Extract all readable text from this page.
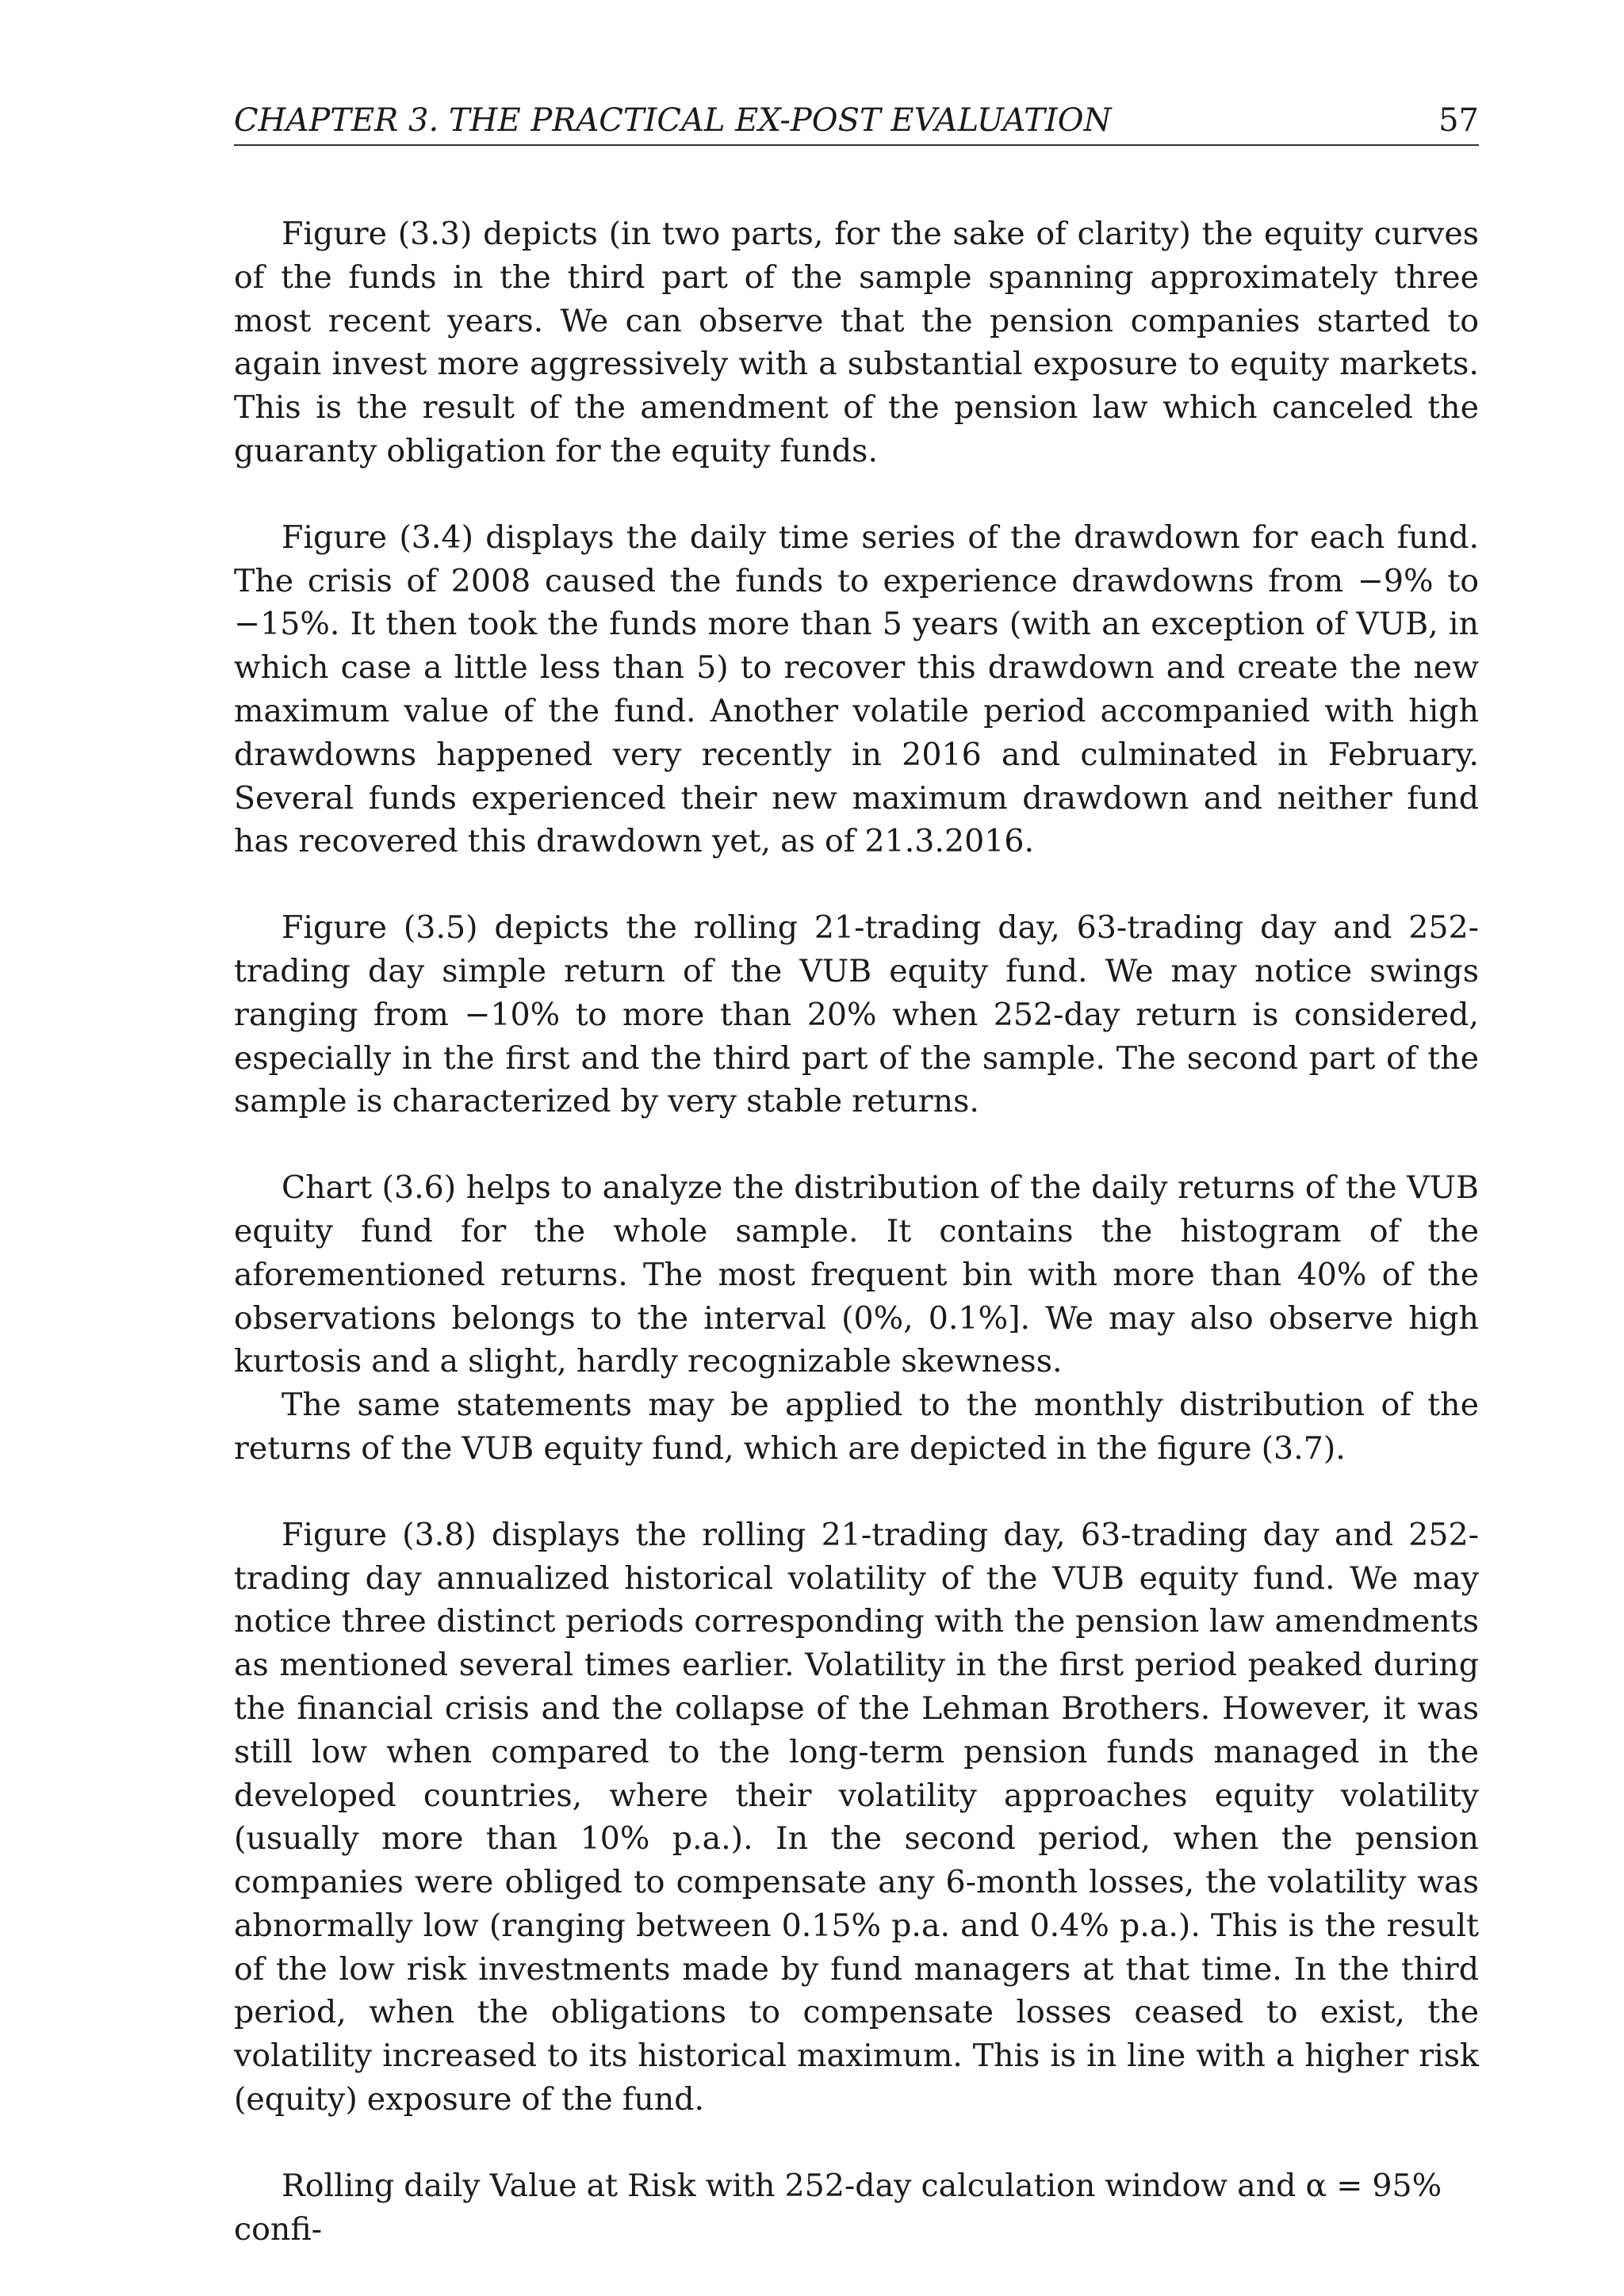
CHAPTER 3. THE PRACTICAL EX-POST EVALUATION	57

Figure (3.3) depicts (in two parts, for the sake of clarity) the equity curves of the funds in the third part of the sample spanning approximately three most recent years. We can observe that the pension companies started to again invest more aggressively with a substantial exposure to equity markets. This is the result of the amendment of the pension law which canceled the guaranty obligation for the equity funds.

Figure (3.4) displays the daily time series of the drawdown for each fund. The crisis of 2008 caused the funds to experience drawdowns from −9% to −15%. It then took the funds more than 5 years (with an exception of VUB, in which case a little less than 5) to recover this drawdown and create the new maximum value of the fund. Another volatile period accompanied with high drawdowns happened very recently in 2016 and culminated in February. Several funds experienced their new maximum drawdown and neither fund has recovered this drawdown yet, as of 21.3.2016.

Figure (3.5) depicts the rolling 21-trading day, 63-trading day and 252-trading day simple return of the VUB equity fund. We may notice swings ranging from −10% to more than 20% when 252-day return is considered, especially in the first and the third part of the sample. The second part of the sample is characterized by very stable returns.

Chart (3.6) helps to analyze the distribution of the daily returns of the VUB equity fund for the whole sample. It contains the histogram of the aforementioned returns. The most frequent bin with more than 40% of the observations belongs to the interval (0%, 0.1%]. We may also observe high kurtosis and a slight, hardly recognizable skewness.

The same statements may be applied to the monthly distribution of the returns of the VUB equity fund, which are depicted in the figure (3.7).

Figure (3.8) displays the rolling 21-trading day, 63-trading day and 252-trading day annualized historical volatility of the VUB equity fund. We may notice three distinct periods corresponding with the pension law amendments as mentioned several times earlier. Volatility in the first period peaked during the financial crisis and the collapse of the Lehman Brothers. However, it was still low when compared to the long-term pension funds managed in the developed countries, where their volatility approaches equity volatility (usually more than 10% p.a.). In the second period, when the pension companies were obliged to compensate any 6-month losses, the volatility was abnormally low (ranging between 0.15% p.a. and 0.4% p.a.). This is the result of the low risk investments made by fund managers at that time. In the third period, when the obligations to compensate losses ceased to exist, the volatility increased to its historical maximum. This is in line with a higher risk (equity) exposure of the fund.

Rolling daily Value at Risk with 252-day calculation window and α = 95% confi-
